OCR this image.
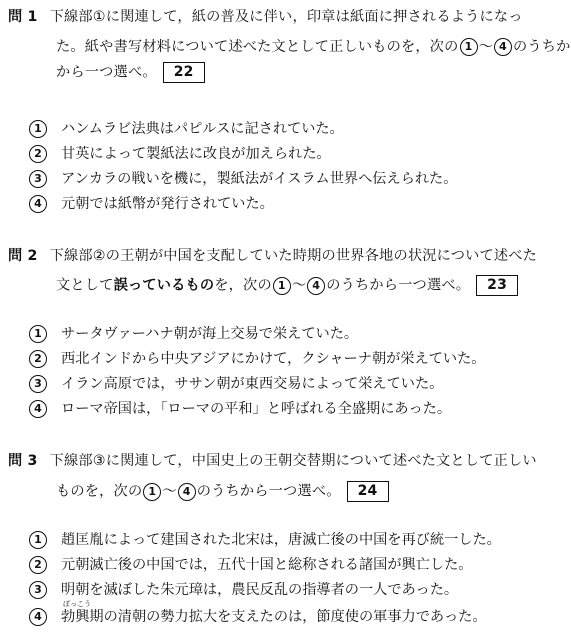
問 1 下線部①に関連して，紙の普及に伴い，印章は紙面に押されるようになっ
た。紙や書写材料について述べた文として正しいものを，次の 1 ～ 4 のうちか
から一つ選べ。 22
1 ハンムラビ法典はパピルスに記されていた。
2 甘英によって製紙法に改良が加えられた。
3 アンカラの戦いを機に，製紙法がイスラム世界へ伝えられた。
4 元朝では紙幣が発行されていた。
問 2 下線部②の王朝が中国を支配していた時期の世界各地の状況について述べた
文として誤っているものを，次の 1 ～ 4 のうちから一つ選べ。 23
1 サータヴァーハナ朝が海上交易で栄えていた。
2 西北インドから中央アジアにかけて，クシャーナ朝が栄えていた。
3 イラン高原では，ササン朝が東西交易によって栄えていた。
4 ローマ帝国は，「ローマの平和」と呼ばれる全盛期にあった。
問 3 下線部③に関連して，中国史上の王朝交替期について述べた文として正しい
ものを，次の 1 ～ 4 のうちから一つ選べ。 24
1 趙匡胤によって建国された北宋は，唐滅亡後の中国を再び統一した。
2 元朝滅亡後の中国では，五代十国と総称される諸国が興亡した。
3 明朝を滅ぼした朱元璋は，農民反乱の指導者の一人であった。
4
ぼっこう
勃興期の清朝の勢力拡大を支えたのは，節度使の軍事力であった。
